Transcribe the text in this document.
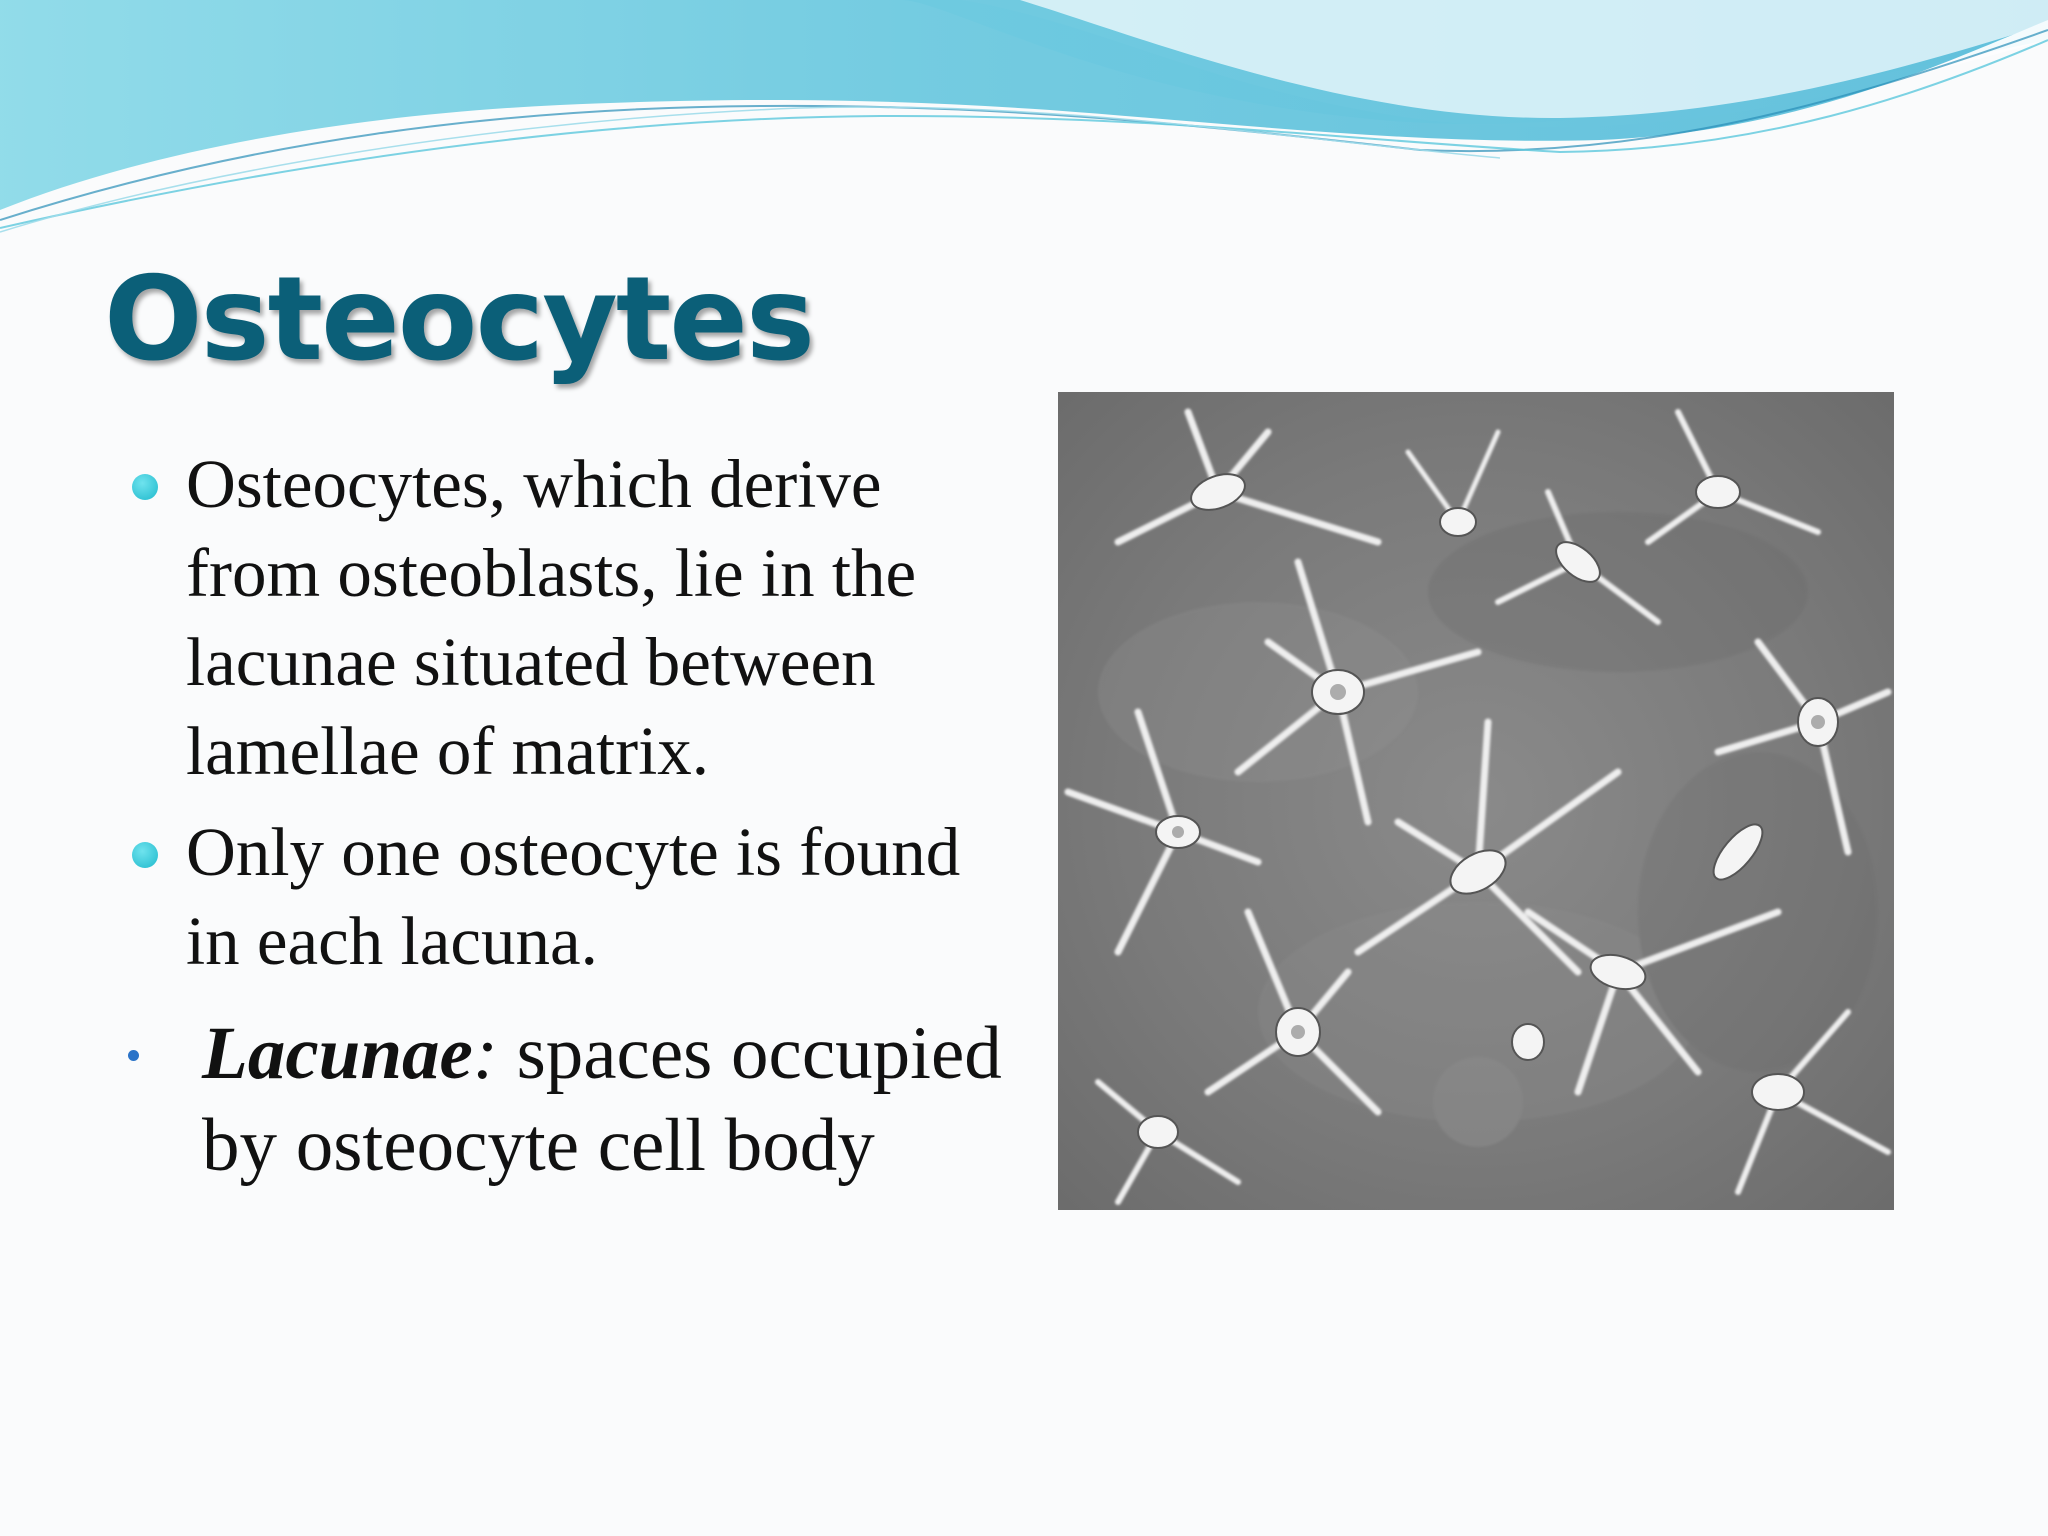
Osteocytes
Osteocytes, which derive from osteoblasts, lie in the lacunae situated between lamellae of matrix.
Only one osteocyte is found in each lacuna.
Lacunae: spaces occupied by osteocyte cell body
